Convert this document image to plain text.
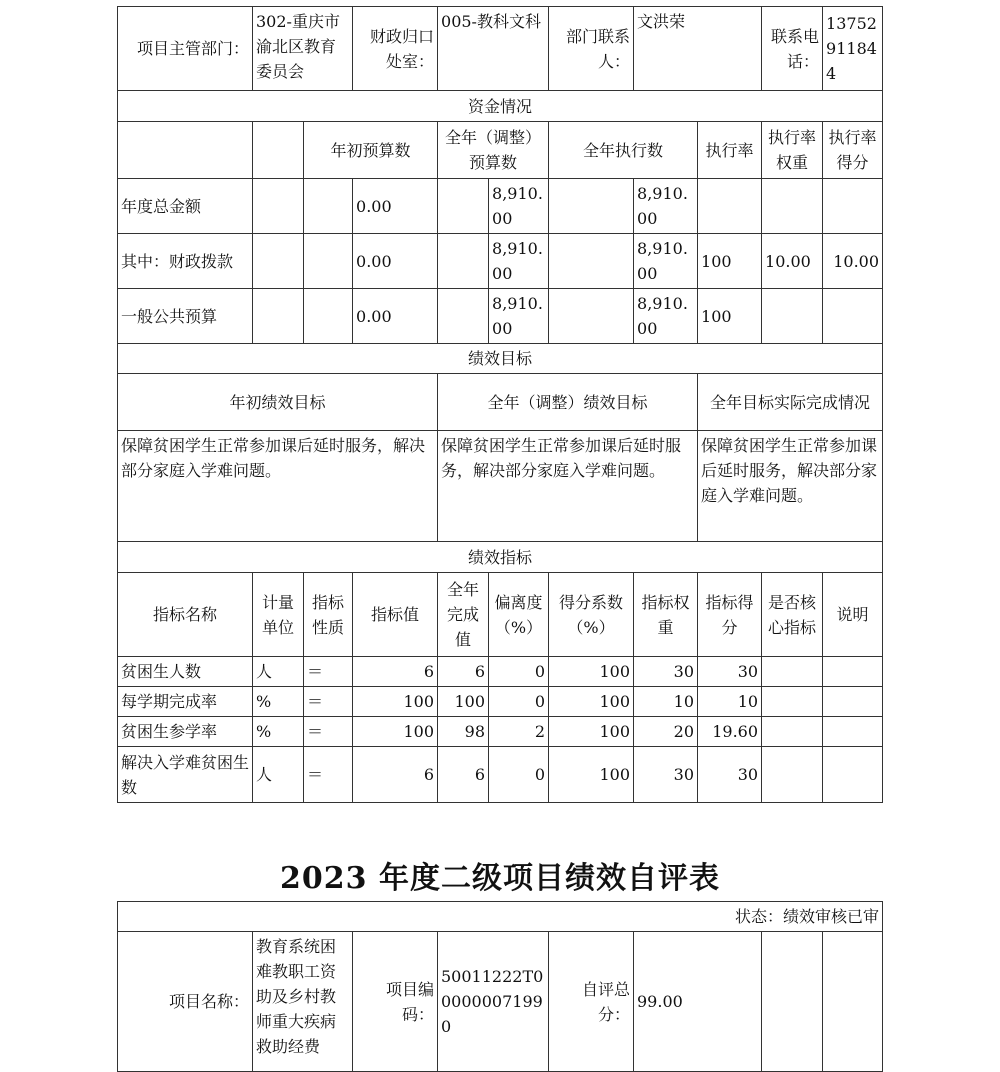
项目主管部门：	302-重庆市渝北区教育委员会		财政归口处室：	005-教科文科		部门联系人：	文洪荣		联系电话：	13752911844
资金情况										
		年初预算数		全年（调整）预算数		全年执行数		执行率	执行率权重	执行率得分
年度总金额			0.00		8,910.00		8,910.00			
其中：财政拨款			0.00		8,910.00		8,910.00	100	10.00	10.00
一般公共预算			0.00		8,910.00		8,910.00	100		
绩效目标										
年初绩效目标				全年（调整）绩效目标				全年目标实际完成情况		
保障贫困学生正常参加课后延时服务，解决部分家庭入学难问题。				保障贫困学生正常参加课后延时服务，解决部分家庭入学难问题。				保障贫困学生正常参加课后延时服务，解决部分家庭入学难问题。		
绩效指标										
指标名称	计量单位	指标性质	指标值	全年完成值	偏离度（%）	得分系数（%）	指标权重	指标得分	是否核心指标	说明
贫困生人数	人	＝	6	6	0	100	30	30		
每学期完成率	%	＝	100	100	0	100	10	10		
贫困生参学率	%	＝	100	98	2	100	20	19.60		
解决入学难贫困生数	人	＝	6	6	0	100	30	30		
2023 年度二级项目绩效自评表
状态：绩效审核已审
项目名称：	教育系统困难教职工资助及乡村教师重大疾病救助经费	项目编码：	50011222T000000071990	自评总分：	99.00		
